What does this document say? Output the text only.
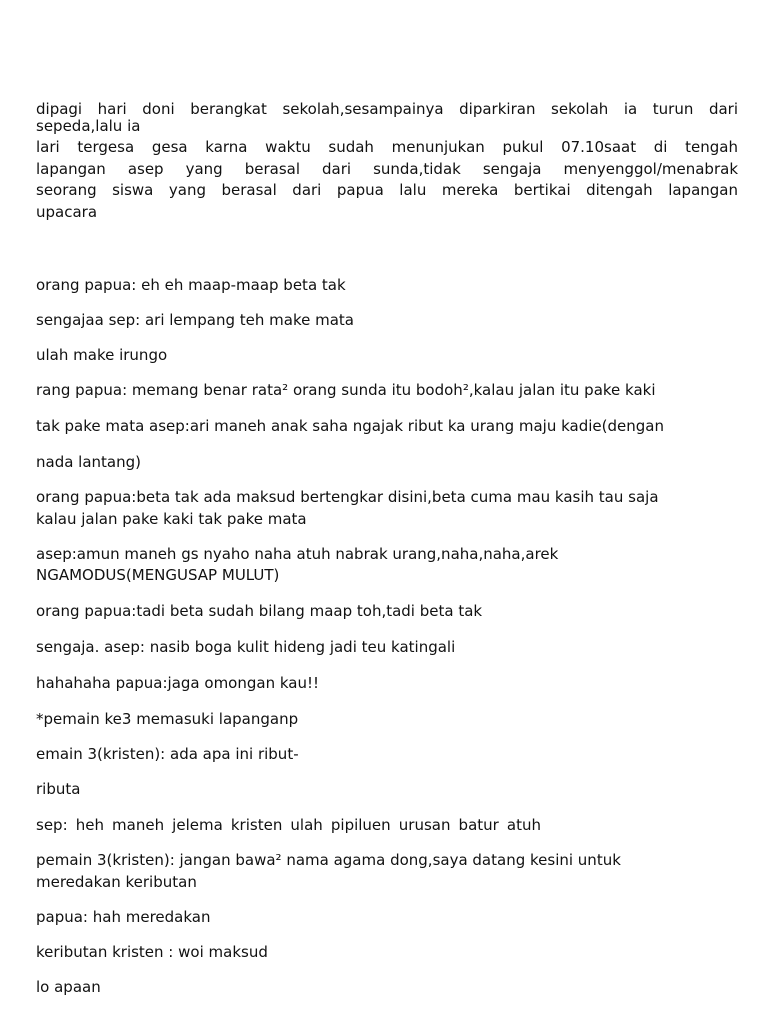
dipagi hari doni berangkat sekolah,sesampainya diparkiran sekolah ia turun dari

sepeda,lalu ia

lari tergesa gesa karna waktu sudah menunjukan pukul 07.10saat di tengah
lapangan asep yang berasal dari sunda,tidak sengaja menyenggol/menabrak
seorang siswa yang berasal dari papua lalu mereka bertikai ditengah lapangan
upacara

orang papua: eh eh maap-maap beta tak

sengajaa sep: ari lempang teh make mata

ulah make irungo

rang papua: memang benar rata² orang sunda itu bodoh²,kalau jalan itu pake kaki

tak pake mata asep:ari maneh anak saha ngajak ribut ka urang maju kadie(dengan

nada lantang)

orang papua:beta tak ada maksud bertengkar disini,beta cuma mau kasih tau saja

kalau jalan pake kaki tak pake mata

asep:amun maneh gs nyaho naha atuh nabrak urang,naha,naha,arek

NGAMODUS(MENGUSAP MULUT)

orang papua:tadi beta sudah bilang maap toh,tadi beta tak

sengaja. asep: nasib boga kulit hideng jadi teu katingali

hahahaha papua:jaga omongan kau!!

*pemain ke3 memasuki lapanganp

emain 3(kristen): ada apa ini ribut-

ributa

sep: heh maneh jelema kristen ulah pipiluen urusan batur atuh

pemain 3(kristen): jangan bawa² nama agama dong,saya datang kesini untuk

meredakan keributan

papua: hah meredakan

keributan kristen : woi maksud

lo apaan
